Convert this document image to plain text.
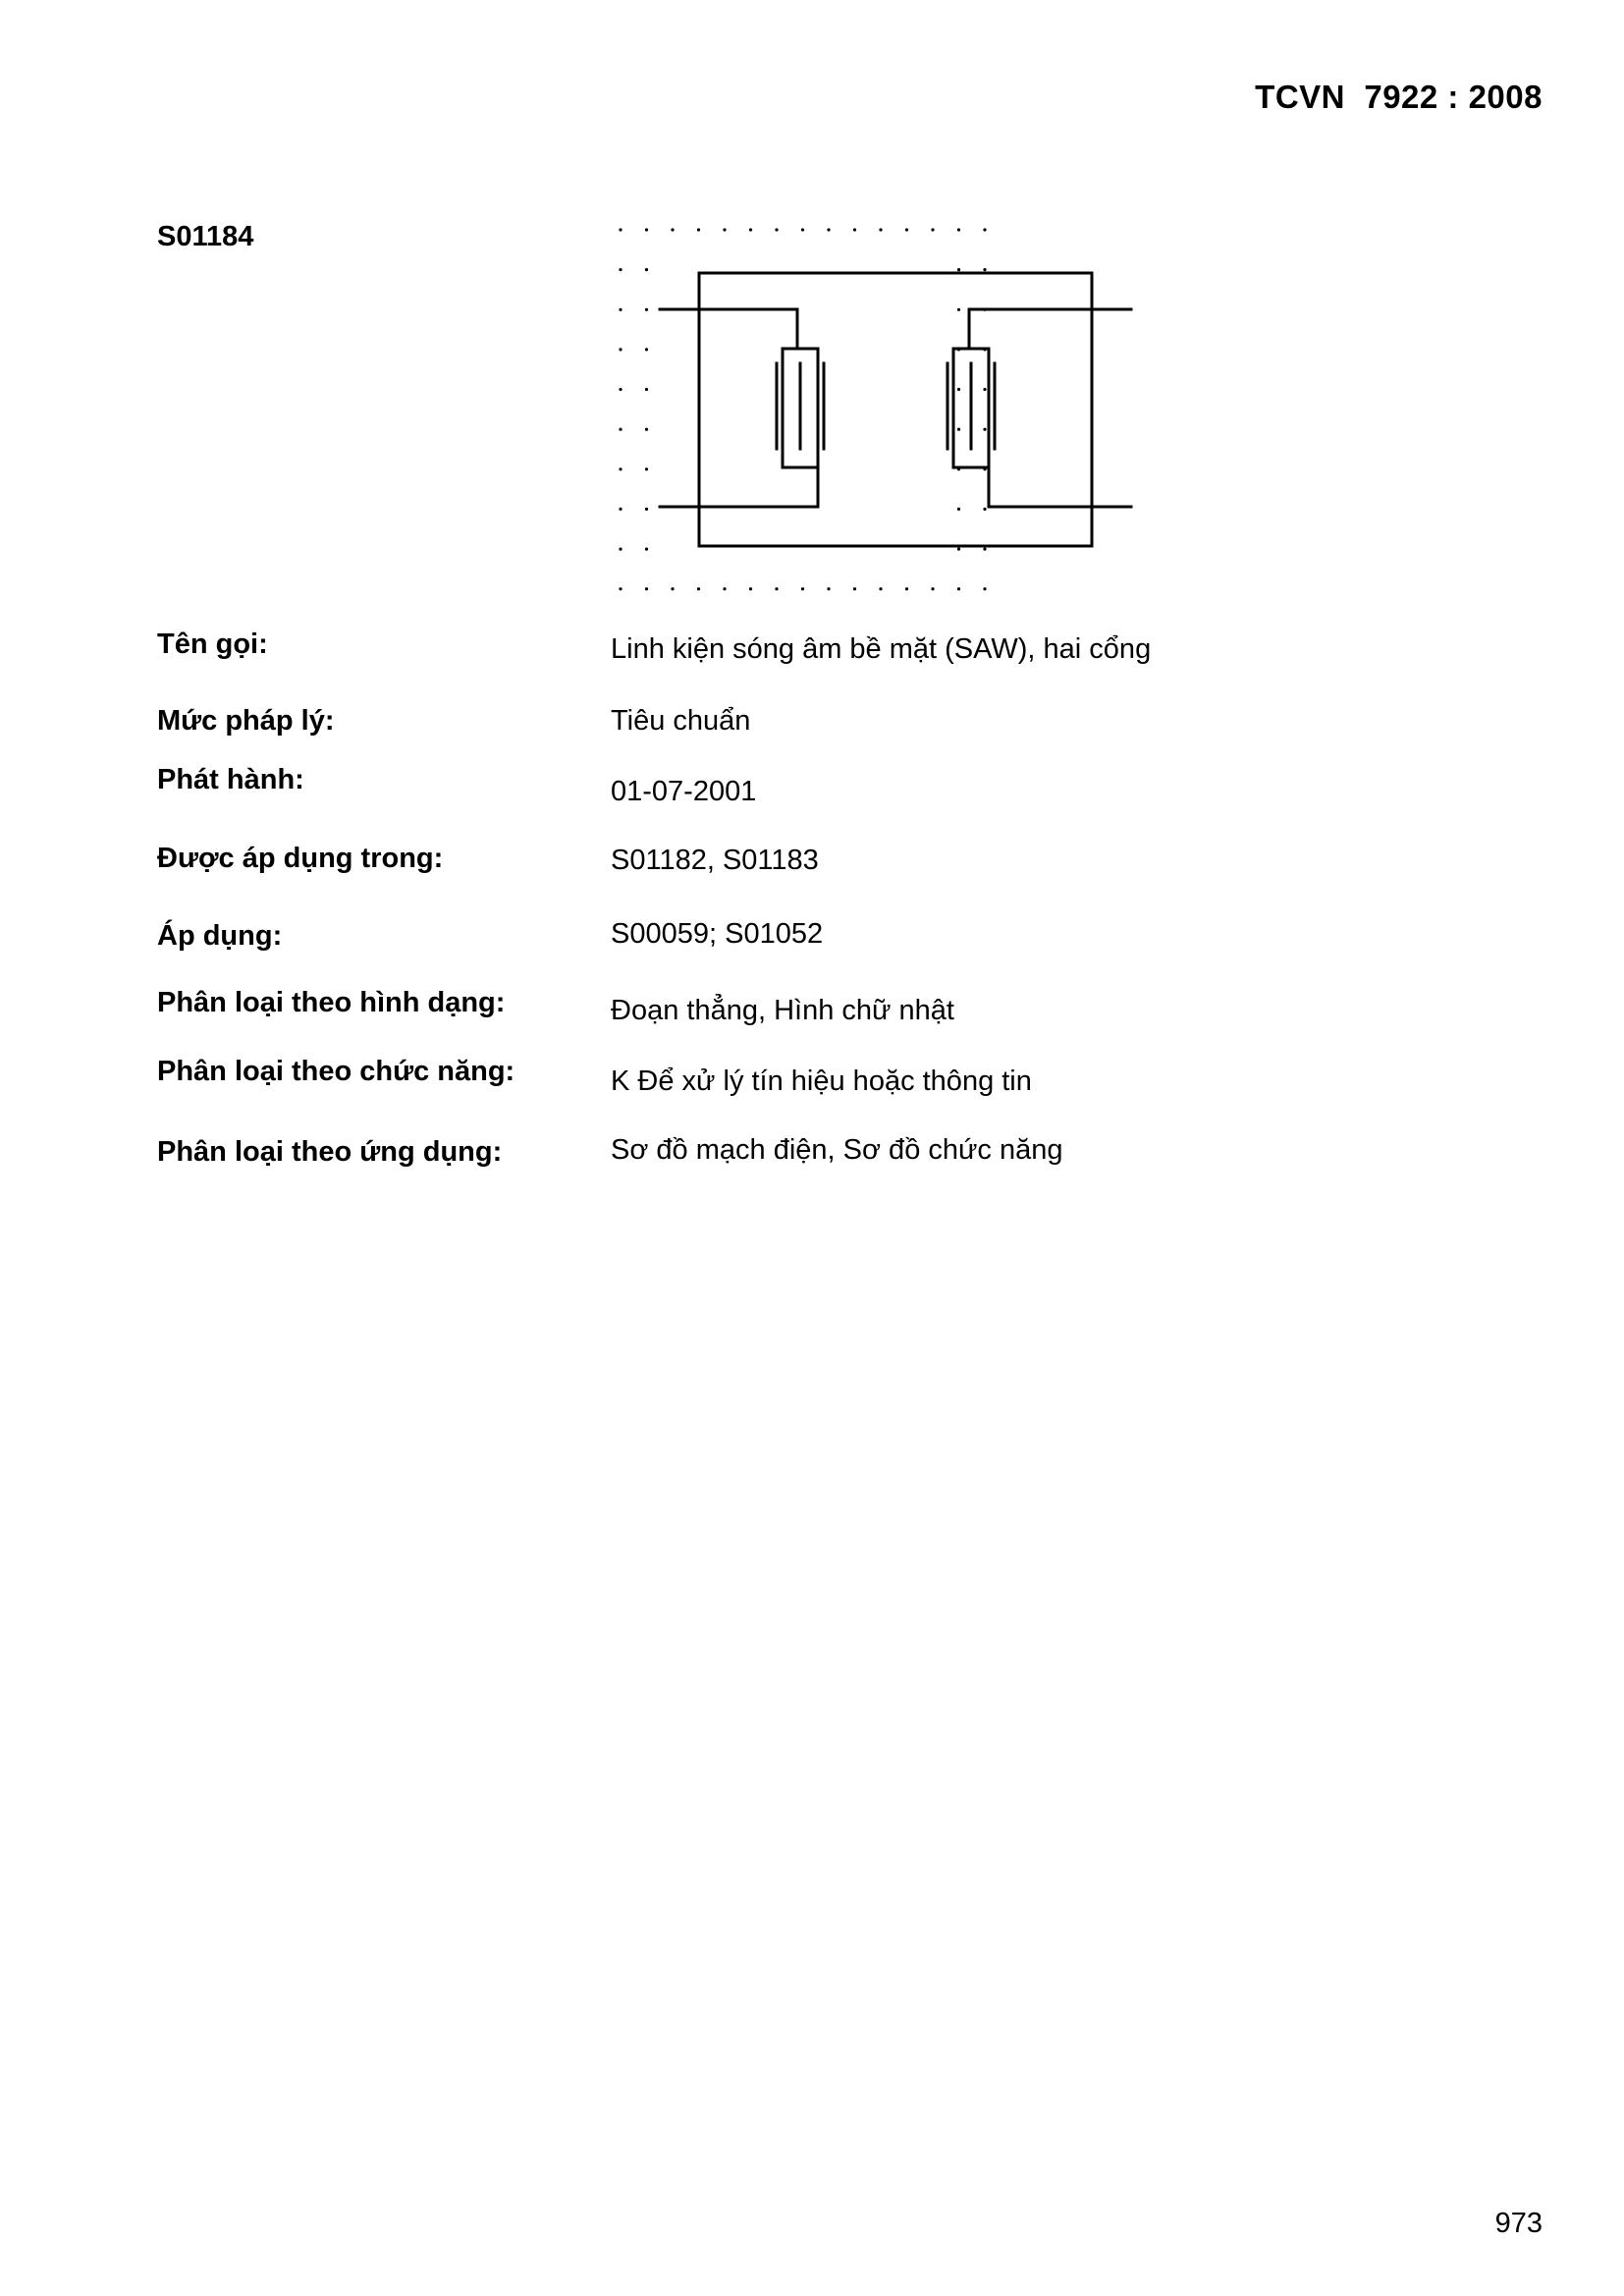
TCVN  7922 : 2008
S01184
Tên gọi:	Linh kiện sóng âm bề mặt (SAW), hai cổng
Mức pháp lý:	Tiêu chuẩn
Phát hành:	01-07-2001
Được áp dụng trong:	S01182, S01183
Áp dụng:	S00059; S01052
Phân loại theo hình dạng:	Đoạn thẳng, Hình chữ nhật
Phân loại theo chức năng:	K Để xử lý tín hiệu hoặc thông tin
Phân loại theo ứng dụng:	Sơ đồ mạch điện, Sơ đồ chức năng
973
